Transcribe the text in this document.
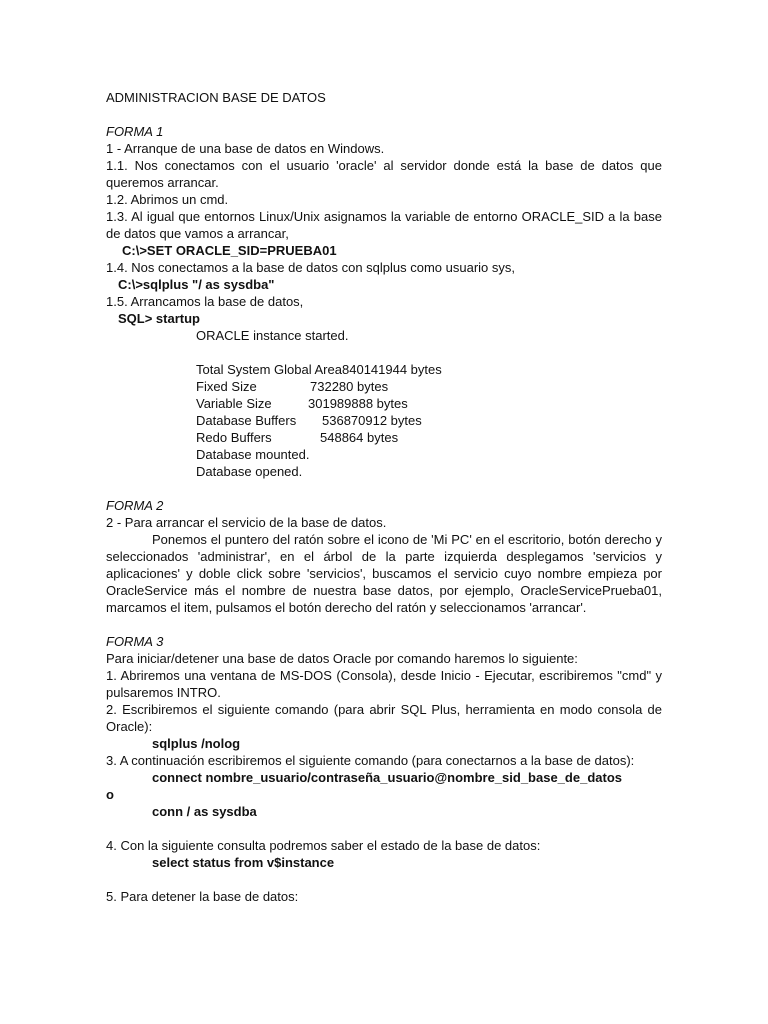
ADMINISTRACION BASE DE DATOS

FORMA 1

1 - Arranque de una base de datos en Windows.

1.1. Nos conectamos con el usuario 'oracle' al servidor donde está la base de datos que queremos arrancar.

1.2. Abrimos un cmd.

1.3. Al igual que entornos Linux/Unix asignamos la variable de entorno ORACLE_SID a la base de datos que vamos a arrancar,

C:\>SET ORACLE_SID=PRUEBA01

1.4. Nos conectamos a la base de datos con sqlplus como usuario sys,

C:\>sqlplus "/ as sysdba"

1.5. Arrancamos la base de datos,

SQL> startup

ORACLE instance started.

Total System Global Area 840141944 bytes
Fixed Size	732280 bytes
Variable Size	301989888 bytes
Database Buffers	536870912 bytes
Redo Buffers	548864 bytes

Database mounted.

Database opened.

FORMA 2

2 - Para arrancar el servicio de la base de datos.

Ponemos el puntero del ratón sobre el icono de 'Mi PC' en el escritorio, botón derecho y seleccionados 'administrar', en el árbol de la parte izquierda desplegamos 'servicios y aplicaciones' y doble click sobre 'servicios', buscamos el servicio cuyo nombre empieza por OracleService más el nombre de nuestra base datos, por ejemplo, OracleServicePrueba01, marcamos el item, pulsamos el botón derecho del ratón y seleccionamos 'arrancar'.

FORMA 3

Para iniciar/detener una base de datos Oracle por comando haremos lo siguiente:

1. Abriremos una ventana de MS-DOS (Consola), desde Inicio - Ejecutar, escribiremos "cmd" y pulsaremos INTRO.

2. Escribiremos el siguiente comando (para abrir SQL Plus, herramienta en modo consola de Oracle):

sqlplus /nolog

3. A continuación escribiremos el siguiente comando (para conectarnos a la base de datos):

connect nombre_usuario/contraseña_usuario@nombre_sid_base_de_datos

o

conn / as sysdba

4. Con la siguiente consulta podremos saber el estado de la base de datos:

select status from v$instance

5. Para detener la base de datos:
